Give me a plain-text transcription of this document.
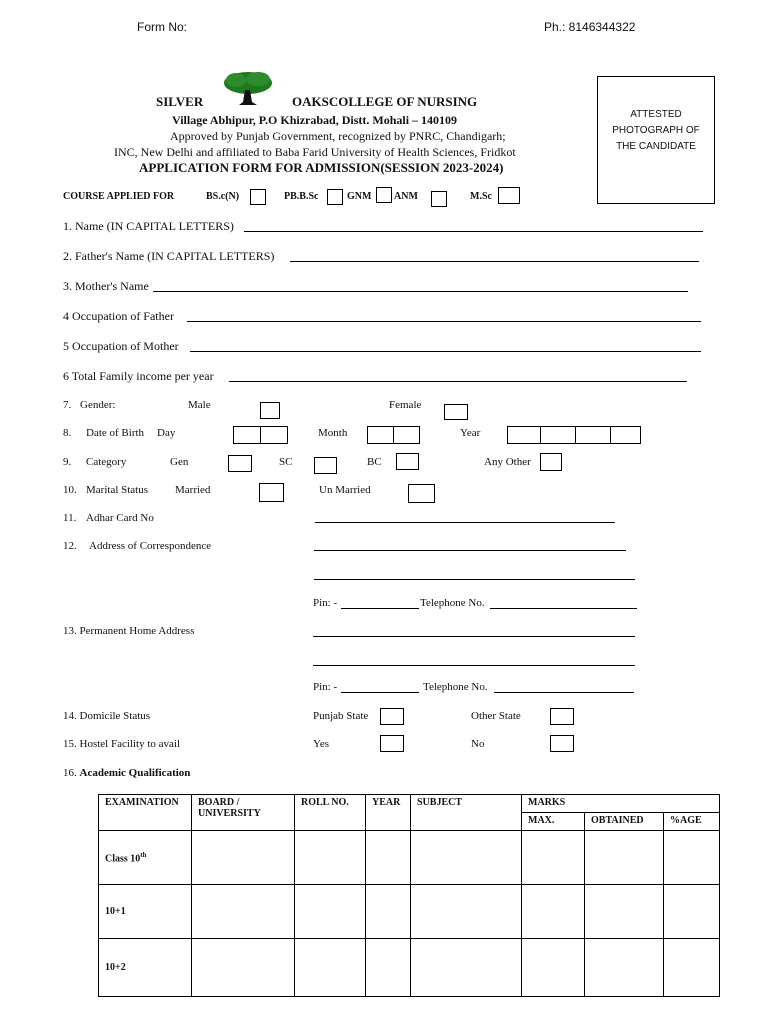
Form No:	Ph.: 8146344322
SILVER	OAKSCOLLEGE OF NURSING
Village Abhipur, P.O Khizrabad, Distt. Mohali – 140109
Approved by Punjab Government, recognized by PNRC, Chandigarh;
INC, New Delhi and affiliated to Baba Farid University of Health Sciences, Fridkot
APPLICATION FORM FOR ADMISSION(SESSION 2023-2024)
ATTESTED
PHOTOGRAPH OF
THE CANDIDATE
COURSE APPLIED FOR	BS.c(N)	PB.B.Sc	GNM ANM	M.Sc
1. Name (IN CAPITAL LETTERS)
2. Father's Name (IN CAPITAL LETTERS)
3. Mother's Name
4 Occupation of Father
5 Occupation of Mother
6 Total Family income per year
7. Gender:	Male	Female
8. Date of Birth Day	Month	Year
9. Category	Gen	SC	BC	Any Other
10. Marital Status Married	Un Married
11. Adhar Card No
12. Address of Correspondence
Pin: -	Telephone No.
13. Permanent Home Address
Pin: -	Telephone No.
14. Domicile Status	Punjab State	Other State
15. Hostel Facility to avail	Yes	No
16. Academic Qualification
EXAMINATION	BOARD / UNIVERSITY	ROLL NO.	YEAR	SUBJECT	MARKS		
					MAX.	OBTAINED	%AGE
Class 10th							
10+1							
10+2							
